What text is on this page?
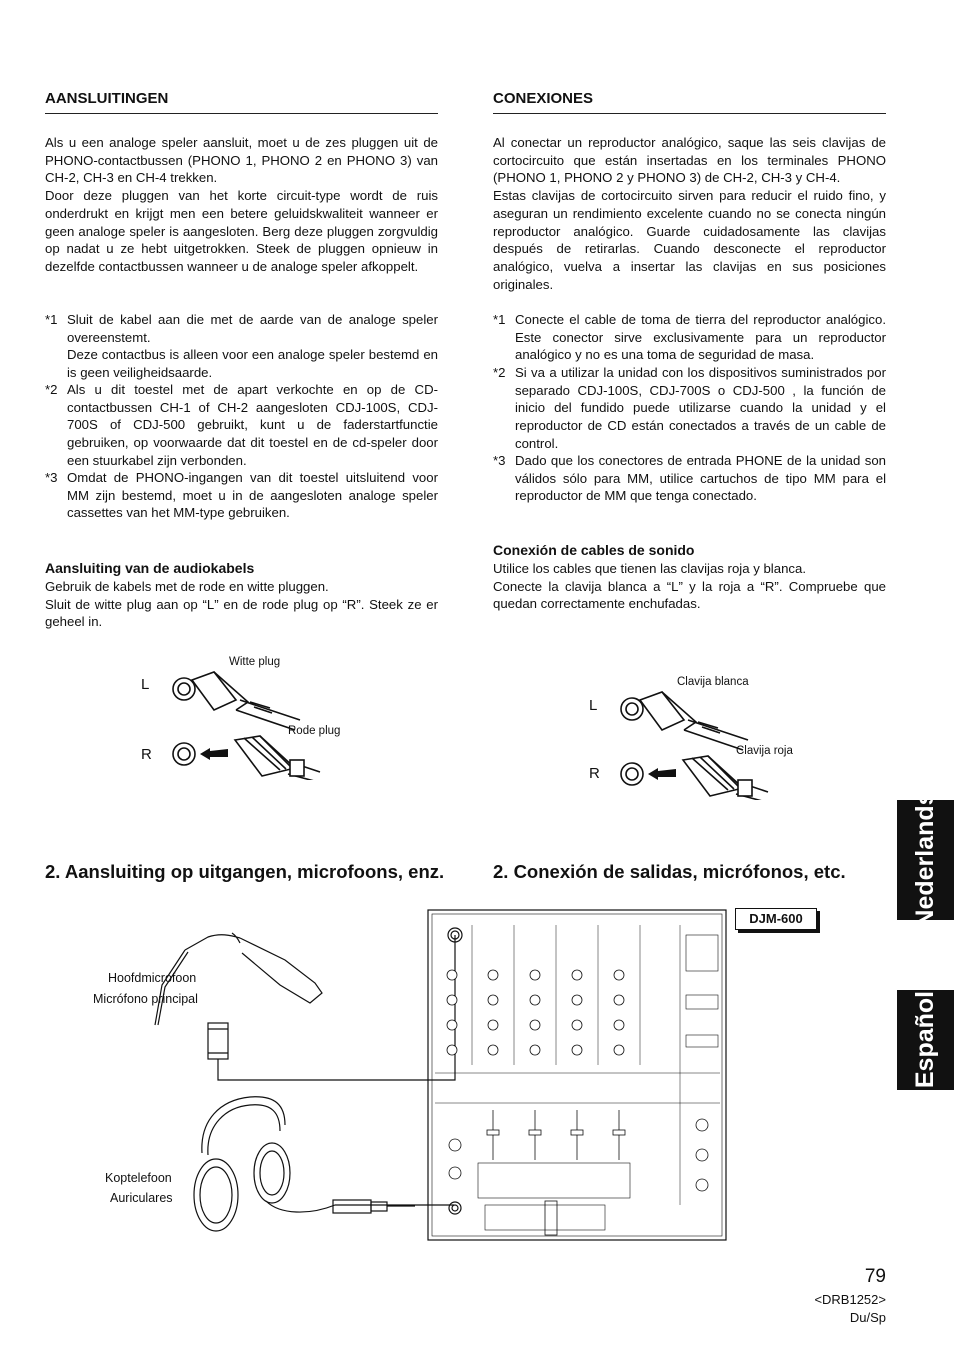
AANSLUITINGEN

Als u een analoge speler aansluit, moet u de zes pluggen uit de PHONO-contactbussen (PHONO 1, PHONO 2 en PHONO 3) van CH-2, CH-3 en CH-4 trekken.

Door deze pluggen van het korte circuit-type wordt de ruis onderdrukt en krijgt men een betere geluidskwaliteit wanneer er geen analoge speler is aangesloten. Berg deze pluggen zorgvuldig op nadat u ze hebt uitgetrokken. Steek de pluggen opnieuw in dezelfde contactbussen wanneer u de analoge speler afkoppelt.

*1 Sluit de kabel aan die met de aarde van de analoge speler overeenstemt.
Deze contactbus is alleen voor een analoge speler bestemd en is geen veiligheidsaarde.
*2 Als u dit toestel met de apart verkochte en op de CD-contactbussen CH-1 of CH-2 aangesloten CDJ-100S, CDJ-700S of CDJ-500 gebruikt, kunt u de faderstartfunctie gebruiken, op voorwaarde dat dit toestel en de cd-speler door een stuurkabel zijn verbonden.
*3 Omdat de PHONO-ingangen van dit toestel uitsluitend voor MM zijn bestemd, moet u in de aangesloten analoge speler cassettes van het MM-type gebruiken.
Aansluiting van de audiokabels

Gebruik de kabels met de rode en witte pluggen.

Sluit de witte plug aan op “L” en de rode plug op “R”. Steek ze er geheel in.

CONEXIONES

Al conectar un reproductor analógico, saque las seis clavijas de cortocircuito que están insertadas en los terminales PHONO (PHONO 1, PHONO 2 y PHONO 3) de CH-2, CH-3 y CH-4.

Estas clavijas de cortocircuito sirven para reducir el ruido fino, y aseguran un rendimiento excelente cuando no se conecta ningún reproductor analógico. Guarde cuidadosamente las clavijas después de retirarlas. Cuando desconecte el reproductor analógico, vuelva a insertar las clavijas en sus posiciones originales.

*1 Conecte el cable de toma de tierra del reproductor analógico. Este conector sirve exclusivamente para un reproductor analógico y no es una toma de seguridad de masa.
*2 Si va a utilizar la unidad con los dispositivos suministrados por separado CDJ-100S, CDJ-700S o CDJ-500 , la función de inicio del fundido puede utilizarse cuando la unidad y el reproductor de CD están conectados a través de un cable de control.
*3 Dado que los conectores de entrada PHONE de la unidad son válidos sólo para MM, utilice cartuchos de tipo MM para el reproductor de MM que tenga conectado.
Conexión de cables de sonido

Utilice los cables que tienen las clavijas roja y blanca.

Conecte la clavija blanca a “L” y la roja a “R”. Compruebe que quedan correctamente enchufadas.

L
R
Witte plug
Rode plug
L
R
Clavija blanca
Clavija roja
2. Aansluiting op uitgangen, microfoons, enz.	2. Conexión de salidas, micrófonos, etc.
DJM-600
Hoofdmicrofoon
Micrófono principal
Koptelefoon
Auriculares
Nederlands
Español
79
<DRB1252>
Du/Sp
